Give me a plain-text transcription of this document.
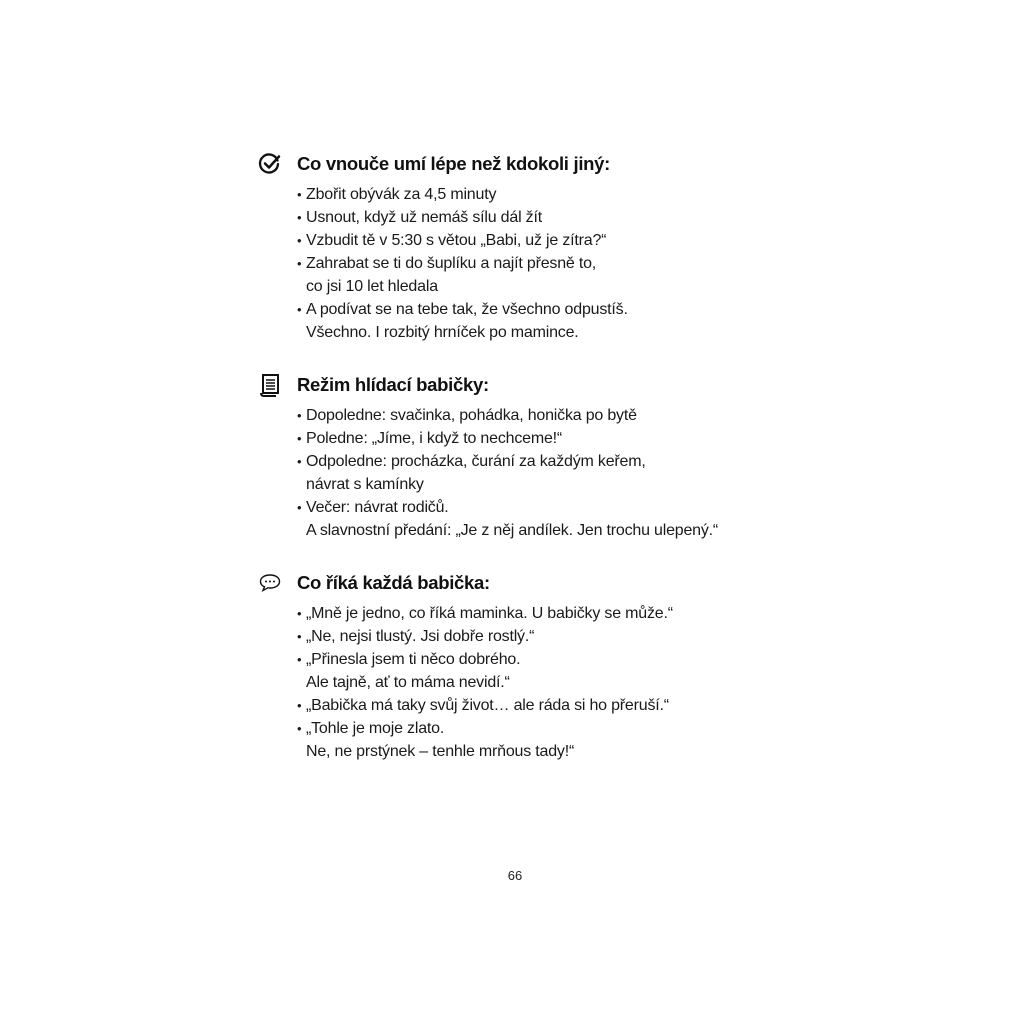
Co vnouče umí lépe než kdokoli jiný:
• Zbořit obývák za 4,5 minuty
• Usnout, když už nemáš sílu dál žít
• Vzbudit tě v 5:30 s větou „Babi, už je zítra?“
• Zahrabat se ti do šuplíku a najít přesně to,
co jsi 10 let hledala
• A podívat se na tebe tak, že všechno odpustíš.
Všechno. I rozbitý hrníček po mamince.
Režim hlídací babičky:
• Dopoledne: svačinka, pohádka, honička po bytě
• Poledne: „Jíme, i když to nechceme!“
• Odpoledne: procházka, čurání za každým keřem,
návrat s kamínky
• Večer: návrat rodičů.
A slavnostní předání: „Je z něj andílek. Jen trochu ulepený.“
Co říká každá babička:
• „Mně je jedno, co říká maminka. U babičky se může.“
• „Ne, nejsi tlustý. Jsi dobře rostlý.“
• „Přinesla jsem ti něco dobrého.
Ale tajně, ať to máma nevidí.“
• „Babička má taky svůj život… ale ráda si ho přeruší.“
• „Tohle je moje zlato.
Ne, ne prstýnek – tenhle mrňous tady!“
66
